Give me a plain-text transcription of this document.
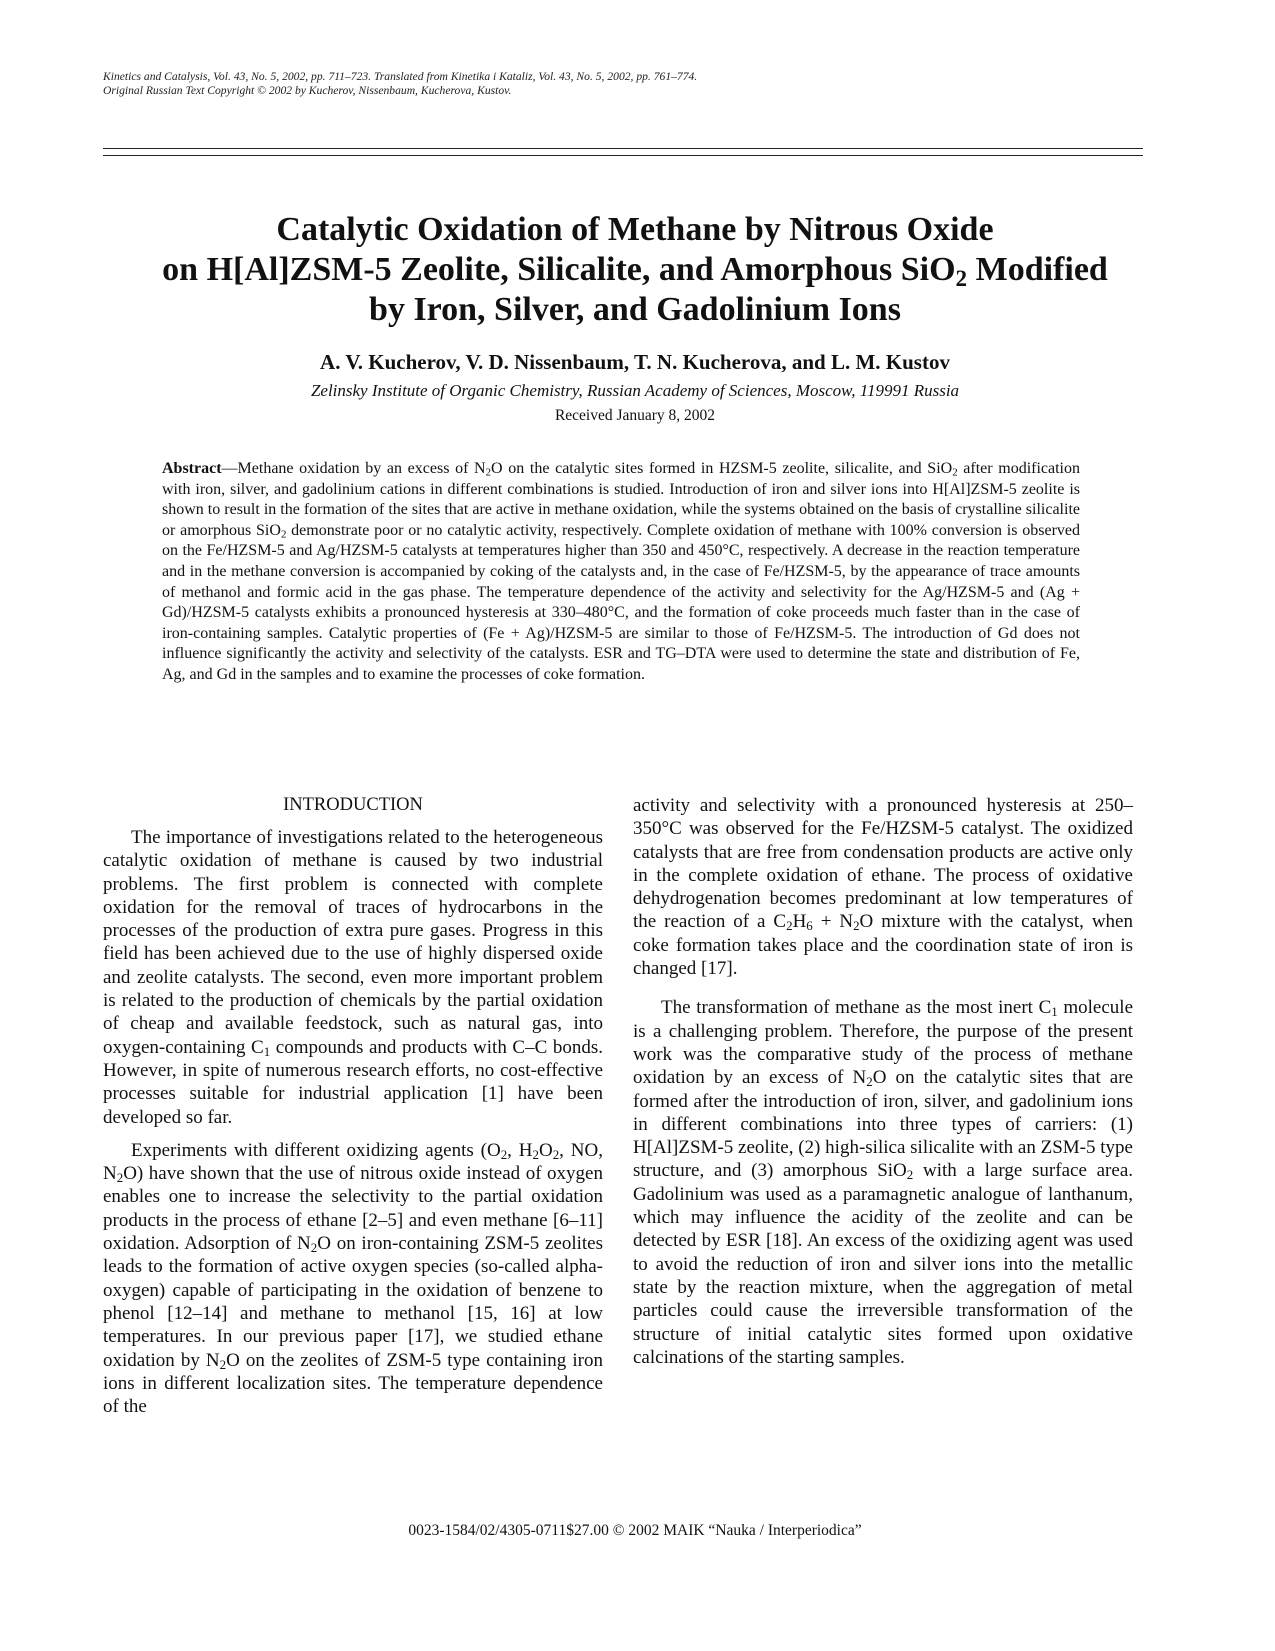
Kinetics and Catalysis, Vol. 43, No. 5, 2002, pp. 711–723. Translated from Kinetika i Kataliz, Vol. 43, No. 5, 2002, pp. 761–774.
Original Russian Text Copyright © 2002 by Kucherov, Nissenbaum, Kucherova, Kustov.
Catalytic Oxidation of Methane by Nitrous Oxide
on H[Al]ZSM-5 Zeolite, Silicalite, and Amorphous SiO$_2$ Modified
by Iron, Silver, and Gadolinium Ions
A. V. Kucherov, V. D. Nissenbaum, T. N. Kucherova, and L. M. Kustov
Zelinsky Institute of Organic Chemistry, Russian Academy of Sciences, Moscow, 119991 Russia
Received January 8, 2002
Abstract—Methane oxidation by an excess of $N_2O$ on the catalytic sites formed in HZSM-5 zeolite, silicalite, and SiO$_2$ after modification with iron, silver, and gadolinium cations in different combinations is studied. Introduction of iron and silver ions into H[Al]ZSM-5 zeolite is shown to result in the formation of the sites that are active in methane oxidation, while the systems obtained on the basis of crystalline silicalite or amorphous SiO$_2$ demonstrate poor or no catalytic activity, respectively. Complete oxidation of methane with 100% conversion is observed on the Fe/HZSM-5 and Ag/HZSM-5 catalysts at temperatures higher than 350 and 450°C, respectively. A decrease in the reaction temperature and in the methane conversion is accompanied by coking of the catalysts and, in the case of Fe/HZSM-5, by the appearance of trace amounts of methanol and formic acid in the gas phase. The temperature dependence of the activity and selectivity for the Ag/HZSM-5 and (Ag + Gd)/HZSM-5 catalysts exhibits a pronounced hysteresis at 330–480°C, and the formation of coke proceeds much faster than in the case of iron-containing samples. Catalytic properties of (Fe + Ag)/HZSM-5 are similar to those of Fe/HZSM-5. The introduction of Gd does not influence significantly the activity and selectivity of the catalysts. ESR and TG–DTA were used to determine the state and distribution of Fe, Ag, and Gd in the samples and to examine the processes of coke formation.
INTRODUCTION

The importance of investigations related to the heterogeneous catalytic oxidation of methane is caused by two industrial problems. The first problem is connected with complete oxidation for the removal of traces of hydrocarbons in the processes of the production of extra pure gases. Progress in this field has been achieved due to the use of highly dispersed oxide and zeolite catalysts. The second, even more important problem is related to the production of chemicals by the partial oxidation of cheap and available feedstock, such as natural gas, into oxygen-containing $C_1$ compounds and products with C–C bonds. However, in spite of numerous research efforts, no cost-effective processes suitable for industrial application [1] have been developed so far.

Experiments with different oxidizing agents ($O_2$, $H_2O_2$, NO, $N_2O$) have shown that the use of nitrous oxide instead of oxygen enables one to increase the selectivity to the partial oxidation products in the process of ethane [2–5] and even methane [6–11] oxidation. Adsorption of $N_2O$ on iron-containing ZSM-5 zeolites leads to the formation of active oxygen species (so-called alpha-oxygen) capable of participating in the oxidation of benzene to phenol [12–14] and methane to methanol [15, 16] at low temperatures. In our previous paper [17], we studied ethane oxidation by $N_2O$ on the zeolites of ZSM-5 type containing iron ions in different localization sites. The temperature dependence of the

activity and selectivity with a pronounced hysteresis at 250–350°C was observed for the Fe/HZSM-5 catalyst. The oxidized catalysts that are free from condensation products are active only in the complete oxidation of ethane. The process of oxidative dehydrogenation becomes predominant at low temperatures of the reaction of a $C_2H_6 + N_2O$ mixture with the catalyst, when coke formation takes place and the coordination state of iron is changed [17].

The transformation of methane as the most inert $C_1$ molecule is a challenging problem. Therefore, the purpose of the present work was the comparative study of the process of methane oxidation by an excess of $N_2O$ on the catalytic sites that are formed after the introduction of iron, silver, and gadolinium ions in different combinations into three types of carriers: (1) H[Al]ZSM-5 zeolite, (2) high-silica silicalite with an ZSM-5 type structure, and (3) amorphous SiO$_2$ with a large surface area. Gadolinium was used as a paramagnetic analogue of lanthanum, which may influence the acidity of the zeolite and can be detected by ESR [18]. An excess of the oxidizing agent was used to avoid the reduction of iron and silver ions into the metallic state by the reaction mixture, when the aggregation of metal particles could cause the irreversible transformation of the structure of initial catalytic sites formed upon oxidative calcinations of the starting samples.

0023-1584/02/4305-0711$27.00 © 2002 MAIK “Nauka / Interperiodica”
